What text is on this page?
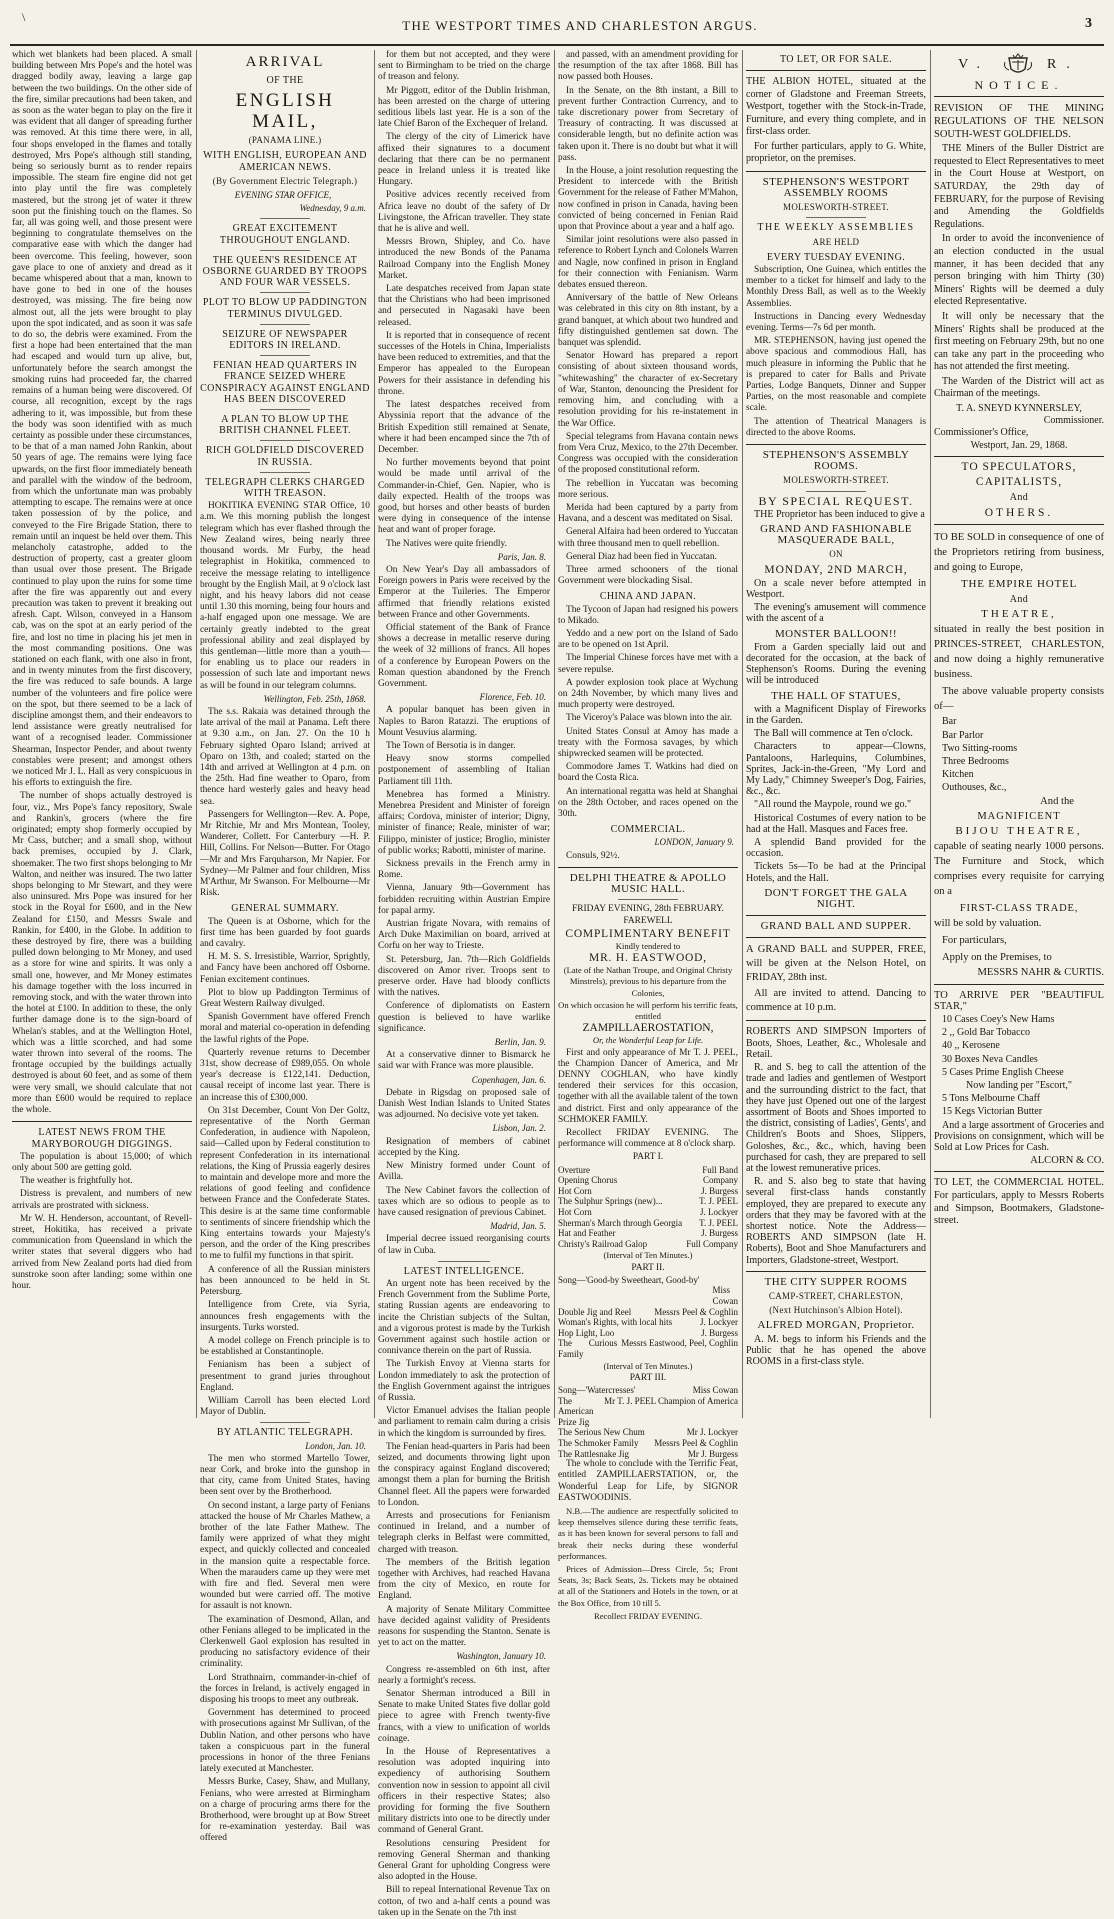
\
THE WESTPORT TIMES AND CHARLESTON ARGUS.	3

which wet blankets had been placed. A small building between Mrs Pope's and the hotel was dragged bodily away, leaving a large gap between the two buildings. On the other side of the fire, similar precautions had been taken, and as soon as the water began to play on the fire it was evident that all danger of spreading further was removed. At this time there were, in all, four shops enveloped in the flames and totally destroyed, Mrs Pope's although still standing, being so seriously burnt as to render repairs impossible. The steam fire engine did not get into play until the fire was completely mastered, but the strong jet of water it threw soon put the finishing touch on the flames. So far, all was going well, and those present were beginning to congratulate themselves on the comparative ease with which the danger had been overcome. This feeling, however, soon gave place to one of anxiety and dread as it became whispered about that a man, known to have gone to bed in one of the houses destroyed, was missing. The fire being now almost out, all the jets were brought to play upon the spot indicated, and as soon it was safe to do so, the debris were examined. From the first a hope had been entertained that the man had escaped and would turn up alive, but, unfortunately before the search amongst the smoking ruins had proceeded far, the charred remains of a human being were discovered. Of course, all recognition, except by the rags adhering to it, was impossible, but from these the body was soon identified with as much certainty as possible under these circumstances, to be that of a man named John Rankin, about 50 years of age. The remains were lying face upwards, on the first floor immediately beneath and parallel with the window of the bedroom, from which the unfortunate man was probably attempting to escape. The remains were at once taken possession of by the police, and conveyed to the Fire Brigade Station, there to remain until an inquest be held over them. This melancholy catastrophe, added to the destruction of property, cast a greater gloom than usual over those present. The Brigade continued to play upon the ruins for some time after the fire was apparently out and every precaution was taken to prevent it breaking out afresh. Capt. Wilson, conveyed in a Hansom cab, was on the spot at an early period of the fire, and lost no time in placing his jet men in the most commanding positions. One was stationed on each flank, with one also in front, and in twenty minutes from the first discovery, the fire was reduced to safe bounds. A large number of the volunteers and fire police were on the spot, but there seemed to be a lack of discipline amongst them, and their endeavors to lend assistance were greatly neutralised for want of a recognised leader. Commissioner Shearman, Inspector Pender, and about twenty constables were present; and amongst others we noticed Mr J. L. Hall as very conspicuous in his efforts to extinguish the fire.

The number of shops actually destroyed is four, viz., Mrs Pope's fancy repository, Swale and Rankin's, grocers (where the fire originated; empty shop formerly occupied by Mr Cass, butcher; and a small shop, without back premises, occupied by J. Clark, shoemaker. The two first shops belonging to Mr Walton, and neither was insured. The two latter shops belonging to Mr Stewart, and they were also uninsured. Mrs Pope was insured for her stock in the Royal for £600, and in the New Zealand for £150, and Messrs Swale and Rankin, for £400, in the Globe. In addition to these destroyed by fire, there was a building pulled down belonging to Mr Money, and used as a store for wine and spirits. It was only a small one, however, and Mr Money estimates his damage together with the loss incurred in removing stock, and with the water thrown into the hotel at £100. In addition to these, the only further damage done is to the sign-board of Whelan's stables, and at the Wellington Hotel, which was a little scorched, and had some water thrown into several of the rooms. The frontage occupied by the buildings actually destroyed is about 60 feet, and as some of them were very small, we should calculate that not more than £600 would be required to replace the whole.

LATEST NEWS FROM THE MARYBOROUGH DIGGINGS.

The population is about 15,000; of which only about 500 are getting gold.

The weather is frightfully hot.

Distress is prevalent, and numbers of new arrivals are prostrated with sickness.

Mr W. H. Henderson, accountant, of Revell-street, Hokitika, has received a private communication from Queensland in which the writer states that several diggers who had arrived from New Zealand ports had died from sunstroke soon after landing; some within one hour.

ARRIVAL
OF THE
ENGLISH MAIL,
(PANAMA LINE.)
WITH ENGLISH, EUROPEAN AND AMERICAN NEWS.
(By Government Electric Telegraph.)
EVENING STAR OFFICE,
Wednesday, 9 a.m.
GREAT EXCITEMENT THROUGHOUT ENGLAND.
THE QUEEN'S RESIDENCE AT OSBORNE GUARDED BY TROOPS AND FOUR WAR VESSELS.
PLOT TO BLOW UP PADDINGTON TERMINUS DIVULGED.
SEIZURE OF NEWSPAPER EDITORS IN IRELAND.
FENIAN HEAD QUARTERS IN FRANCE SEIZED WHERE CONSPIRACY AGAINST ENGLAND HAS BEEN DISCOVERED
A PLAN TO BLOW UP THE BRITISH CHANNEL FLEET.
RICH GOLDFIELD DISCOVERED IN RUSSIA.
TELEGRAPH CLERKS CHARGED WITH TREASON.

HOKITIKA EVENING STAR Office, 10 a.m. We this morning publish the longest telegram which has ever flashed through the New Zealand wires, being nearly three thousand words. Mr Furby, the head telegraphist in Hokitika, commenced to receive the message relating to intelligence brought by the English Mail, at 9 o'clock last night, and his heavy labors did not cease until 1.30 this morning, being four hours and a-half engaged upon one message. We are certainly greatly indebted to the great professional ability and zeal displayed by this gentleman—little more than a youth—for enabling us to place our readers in possession of such late and important news as will be found in our telegram columns.

Wellington, Feb. 25th, 1868.

The s.s. Rakaia was detained through the late arrival of the mail at Panama. Left there at 9.30 a.m., on Jan. 27. On the 10 h February sighted Oparo Island; arrived at Oparo on 13th, and coaled; started on the 14th and arrived at Wellington at 4 p.m. on the 25th. Had fine weather to Oparo, from thence hard westerly gales and heavy head sea.

Passengers for Wellington—Rev. A. Pope, Mr Ritchie, Mr and Mrs Montean, Tooley, Wanderer, Collett. For Canterbury —H. P. Hill, Collins. For Nelson—Butter. For Otago—Mr and Mrs Farquharson, Mr Napier. For Sydney—Mr Palmer and four children, Miss M'Arthur, Mr Swanson. For Melbourne—Mr Risk.

GENERAL SUMMARY.

The Queen is at Osborne, which for the first time has been guarded by foot guards and cavalry.

H. M. S. S. Irresistible, Warrior, Sprightly, and Fancy have been anchored off Osborne. Fenian excitement continues.

Plot to blow up Paddington Terminus of Great Western Railway divulged.

Spanish Government have offered French moral and material co-operation in defending the lawful rights of the Pope.

Quarterly revenue returns to December 31st, show decrease of £989,055. On whole year's decrease is £122,141. Deduction, causal receipt of income last year. There is an increase this of £300,000.

On 31st December, Count Von Der Goltz, representative of the North German Confederation, in audience with Napoleon, said—Called upon by Federal constitution to represent Confederation in its international relations, the King of Prussia eagerly desires to maintain and develope more and more the relations of good feeling and confidence between France and the Confederate States. This desire is at the same time conformable to sentiments of sincere friendship which the King entertains towards your Majesty's person, and the order of the King prescribes to me to fulfil my functions in that spirit.

A conference of all the Russian ministers has been announced to be held in St. Petersburg.

Intelligence from Crete, via Syria, announces fresh engagements with the insurgents. Turks worsted.

A model college on French principle is to be established at Constantinople.

Fenianism has been a subject of presentment to grand juries throughout England.

William Carroll has been elected Lord Mayor of Dublin.

BY ATLANTIC TELEGRAPH.
London, Jan. 10.

The men who stormed Martello Tower, near Cork, and broke into the gunshop in that city, came from United States, having been sent over by the Brotherhood.

On second instant, a large party of Fenians attacked the house of Mr Charles Mathew, a brother of the late Father Mathew. The family were apprized of what they might expect, and quickly collected and concealed in the mansion quite a respectable force. When the marauders came up they were met with fire and fled. Several men were wounded but were carried off. The motive for assault is not known.

The examination of Desmond, Allan, and other Fenians alleged to be implicated in the Clerkenwell Gaol explosion has resulted in producing no satisfactory evidence of their criminality.

Lord Strathnairn, commander-in-chief of the forces in Ireland, is actively engaged in disposing his troops to meet any outbreak.

Government has determined to proceed with prosecutions against Mr Sullivan, of the Dublin Nation, and other persons who have taken a conspicuous part in the funeral processions in honor of the three Fenians lately executed at Manchester.

Messrs Burke, Casey, Shaw, and Mullany, Fenians, who were arrested at Birmingham on a charge of procuring arms there for the Brotherhood, were brought up at Bow Street for re-examination yesterday. Bail was offered

for them but not accepted, and they were sent to Birmingham to be tried on the charge of treason and felony.

Mr Piggott, editor of the Dublin Irishman, has been arrested on the charge of uttering seditious libels last year. He is a son of the late Chief Baron of the Exchequer of Ireland.

The clergy of the city of Limerick have affixed their signatures to a document declaring that there can be no permanent peace in Ireland unless it is treated like Hungary.

Positive advices recently received from Africa leave no doubt of the safety of Dr Livingstone, the African traveller. They state that he is alive and well.

Messrs Brown, Shipley, and Co. have introduced the new Bonds of the Panama Railroad Company into the English Money Market.

Late despatches received from Japan state that the Christians who had been imprisoned and persecuted in Nagasaki have been released.

It is reported that in consequence of recent successes of the Hotels in China, Imperialists have been reduced to extremities, and that the Emperor has appealed to the European Powers for their assistance in defending his throne.

The latest despatches received from Abyssinia report that the advance of the British Expedition still remained at Senate, where it had been encamped since the 7th of December.

No further movements beyond that point would be made until arrival of the Commander-in-Chief, Gen. Napier, who is daily expected. Health of the troops was good, but horses and other beasts of burden were dying in consequence of the intense heat and want of proper forage.

The Natives were quite friendly.

Paris, Jan. 8.

On New Year's Day all ambassadors of Foreign powers in Paris were received by the Emperor at the Tuileries. The Emperor affirmed that friendly relations existed between France and other Governments.

Official statement of the Bank of France shows a decrease in metallic reserve during the week of 32 millions of francs. All hopes of a conference by European Powers on the Roman question abandoned by the French Government.

Florence, Feb. 10.

A popular banquet has been given in Naples to Baron Ratazzi. The eruptions of Mount Vesuvius alarming.

The Town of Bersotia is in danger.

Heavy snow storms compelled postponement of assembling of Italian Parliament till 11th.

Menebrea has formed a Ministry. Menebrea President and Minister of foreign affairs; Cordova, minister of interior; Digny, minister of finance; Reale, minister of war; Filippo, minister of justice; Broglio, minister of public works; Rabotti, minister of marine.

Sickness prevails in the French army in Rome.

Vienna, January 9th—Government has forbidden recruiting within Austrian Empire for papal army.

Austrian frigate Novara, with remains of Arch Duke Maximilian on board, arrived at Corfu on her way to Trieste.

St. Petersburg, Jan. 7th—Rich Goldfields discovered on Amor river. Troops sent to preserve order. Have had bloody conflicts with the natives.

Conference of diplomatists on Eastern question is believed to have warlike significance.

Berlin, Jan. 9.

At a conservative dinner to Bismarck he said war with France was more plausible.

Copenhagen, Jan. 6.

Debate in Rigsdag on proposed sale of Danish West Indian Islands to United States was adjourned. No decisive vote yet taken.

Lisbon, Jan. 2.

Resignation of members of cabinet accepted by the King.

New Ministry formed under Count of Avilla.

The New Cabinet favors the collection of taxes which are so odious to people as to have caused resignation of previous Cabinet.

Madrid, Jan. 5.

Imperial decree issued reorganising courts of law in Cuba.

LATEST INTELLIGENCE.

An urgent note has been received by the French Government from the Sublime Porte, stating Russian agents are endeavoring to incite the Christian subjects of the Sultan, and a vigorous protest is made by the Turkish Government against such hostile action or connivance therein on the part of Russia.

The Turkish Envoy at Vienna starts for London immediately to ask the protection of the English Government against the intrigues of Russia.

Victor Emanuel advises the Italian people and parliament to remain calm during a crisis in which the kingdom is surrounded by fires.

The Fenian head-quarters in Paris had been seized, and documents throwing light upon the conspiracy against England discovered; amongst them a plan for burning the British Channel fleet. All the papers were forwarded to London.

Arrests and prosecutions for Fenianism continued in Ireland, and a number of telegraph clerks in Belfast were committed, charged with treason.

The members of the British legation together with Archives, had reached Havana from the city of Mexico, en route for England.

A majority of Senate Military Committee have decided against validity of Presidents reasons for suspending the Stanton. Senate is yet to act on the matter.

Washington, January 10.

Congress re-assembled on 6th inst, after nearly a fortnight's recess.

Senator Sherman introduced a Bill in Senate to make United States five dollar gold piece to agree with French twenty-five francs, with a view to unification of worlds coinage.

In the House of Representatives a resolution was adopted inquiring into expediency of authorising Southern convention now in session to appoint all civil officers in their respective States; also providing for forming the five Southern military districts into one to be directly under command of General Grant.

Resolutions censuring President for removing General Sherman and thanking General Grant for upholding Congress were also adopted in the House.

Bill to repeal International Revenue Tax on cotton, of two and a-half cents a pound was taken up in the Senate on the 7th inst

and passed, with an amendment providing for the resumption of the tax after 1868. Bill has now passed both Houses.

In the Senate, on the 8th instant, a Bill to prevent further Contraction Currency, and to take discretionary power from Secretary of Treasury of contracting. It was discussed at considerable length, but no definite action was taken upon it. There is no doubt but what it will pass.

In the House, a joint resolution requesting the President to intercede with the British Government for the release of Father M'Mahon, now confined in prison in Canada, having been convicted of being concerned in Fenian Raid upon that Province about a year and a half ago.

Similar joint resolutions were also passed in reference to Robert Lynch and Colonels Warren and Nagle, now confined in prison in England for their connection with Fenianism. Warm debates ensued thereon.

Anniversary of the battle of New Orleans was celebrated in this city on 8th instant, by a grand banquet, at which about two hundred and fifty distinguished gentlemen sat down. The banquet was splendid.

Senator Howard has prepared a report consisting of about sixteen thousand words, "whitewashing" the character of ex-Secretary of War, Stanton, denouncing the President for removing him, and concluding with a resolution providing for his re-instatement in the War Office.

Special telegrams from Havana contain news from Vera Cruz, Mexico, to the 27th December. Congress was occupied with the consideration of the proposed constitutional reform.

The rebellion in Yuccatan was becoming more serious.

Merida had been captured by a party from Havana, and a descent was meditated on Sisal.

General Alfaira had been ordered to Yuccatan with three thousand men to quell rebellion.

General Diaz had been fied in Yuccatan.

Three armed schooners of the tional Government were blockading Sisal.

CHINA AND JAPAN.

The Tycoon of Japan had resigned his powers to Mikado.

Yeddo and a new port on the Island of Sado are to be opened on 1st April.

The Imperial Chinese forces have met with a severe repulse.

A powder explosion took place at Wychung on 24th November, by which many lives and much property were destroyed.

The Viceroy's Palace was blown into the air.

United States Consul at Amoy has made a treaty with the Formosa savages, by which shipwrecked seamen will be protected.

Commodore James T. Watkins had died on board the Costa Rica.

An international regatta was held at Shanghai on the 28th October, and races opened on the 30th.

COMMERCIAL.
LONDON, January 9.

Consuls, 92½.

DELPHI THEATRE & APOLLO MUSIC HALL.
FRIDAY EVENING, 28th FEBRUARY.
FAREWELL
COMPLIMENTARY BENEFIT
Kindly tendered to
MR. H. EASTWOOD,
(Late of the Nathan Troupe, and Original Christy Minstrels), previous to his departure from the Colonies,
On which occasion he will perform his terrific feats, entitled
ZAMPILLAEROSTATION,
Or, the Wonderful Leap for Life.

First and only appearance of Mr T. J. PEEL, the Champion Dancer of America, and Mr DENNY COGHLAN, who have kindly tendered their services for this occasion, together with all the available talent of the town and district. First and only appearance of the SCHMOKER FAMILY.

Recollect FRIDAY EVENING. The performance will commence at 8 o'clock sharp.

PART I.
Overture	Full Band
Opening Chorus	Company
Hot Corn	J. Burgess
The Sulphur Springs (new)...	T. J. PEEL
Hot Corn	J. Lockyer
Sherman's March through Georgia	T. J. PEEL
Hat and Feather	J. Burgess
Christy's Railroad Galop	Full Company
(Interval of Ten Minutes.)
PART II.
Song—'Good-by Sweetheart, Good-by'
Miss Cowan
Double Jig and Reel	Messrs Peel & Coghlin
Woman's Rights, with local hits	J. Lockyer
Hop Light, Loo	J. Burgess
The Curious Family
Messrs Eastwood, Peel, Coghlin
(Interval of Ten Minutes.)
PART III.
Song—'Watercresses'	Miss Cowan
The American Prize Jig
Mr T. J. PEEL Champion of America
The Serious New Chum	Mr J. Lockyer
The Schmoker Family	Messrs Peel & Coghlin
The Rattlesnake Jig	Mr J. Burgess

The whole to conclude with the Terrific Feat, entitled ZAMPILLAERSTATION, or, the Wonderful Leap for Life, by SIGNOR EASTWOODINIS.

N.B.—The audience are respectfully solicited to keep themselves silence during these terrific feats, as it has been known for several persons to fall and break their necks during these wonderful performances.

Prices of Admission—Dress Circle, 5s; Front Seats, 3s; Back Seats, 2s. Tickets may be obtained at all of the Stationers and Hotels in the town, or at the Box Office, from 10 till 5.

Recollect FRIDAY EVENING.
TO LET, OR FOR SALE.

THE ALBION HOTEL, situated at the corner of Gladstone and Freeman Streets, Westport, together with the Stock-in-Trade, Furniture, and every thing complete, and in first-class order.

For further particulars, apply to G. White, proprietor, on the premises.

STEPHENSON'S WESTPORT ASSEMBLY ROOMS
MOLESWORTH-STREET.
THE WEEKLY ASSEMBLIES
ARE HELD
EVERY TUESDAY EVENING.

Subscription, One Guinea, which entitles the member to a ticket for himself and lady to the Monthly Dress Ball, as well as to the Weekly Assemblies.

Instructions in Dancing every Wednesday evening. Terms—7s 6d per month.

MR. STEPHENSON, having just opened the above spacious and commodious Hall, has much pleasure in informing the Public that he is prepared to cater for Balls and Private Parties, Lodge Banquets, Dinner and Supper Parties, on the most reasonable and complete scale.

The attention of Theatrical Managers is directed to the above Rooms.

STEPHENSON'S ASSEMBLY ROOMS.
MOLESWORTH-STREET.
BY SPECIAL REQUEST.

THE Proprietor has been induced to give a

GRAND AND FASHIONABLE MASQUERADE BALL,
ON
MONDAY, 2ND MARCH,

On a scale never before attempted in Westport.

The evening's amusement will commence with the ascent of a

MONSTER BALLOON!!

From a Garden specially laid out and decorated for the occasion, at the back of Stephenson's Rooms. During the evening will be introduced

THE HALL OF STATUES,

with a Magnificent Display of Fireworks in the Garden.

The Ball will commence at Ten o'clock.

Characters to appear—Clowns, Pantaloons, Harlequins, Columbines, Sprites, Jack-in-the-Green, "My Lord and My Lady," Chimney Sweeper's Dog, Fairies, &c., &c.

"All round the Maypole, round we go."

Historical Costumes of every nation to be had at the Hall. Masques and Faces free.

A splendid Band provided for the occasion.

Tickets 5s—To be had at the Principal Hotels, and the Hall.

DON'T FORGET THE GALA NIGHT.
GRAND BALL AND SUPPER.

A GRAND BALL and SUPPER, FREE, will be given at the Nelson Hotel, on FRIDAY, 28th inst.

All are invited to attend. Dancing to commence at 10 p.m.

ROBERTS AND SIMPSON Importers of Boots, Shoes, Leather, &c., Wholesale and Retail.

R. and S. beg to call the attention of the trade and ladies and gentlemen of Westport and the surrounding district to the fact, that they have just Opened out one of the largest assortment of Boots and Shoes imported to the district, consisting of Ladies', Gents', and Children's Boots and Shoes, Slippers, Goloshes, &c., &c., which, having been purchased for cash, they are prepared to sell at the lowest remunerative prices.

R. and S. also beg to state that having several first-class hands constantly employed, they are prepared to execute any orders that they may be favored with at the shortest notice. Note the Address—ROBERTS AND SIMPSON (late H. Roberts), Boot and Shoe Manufacturers and Importers, Gladstone-street, Westport.

THE CITY SUPPER ROOMS
CAMP-STREET, CHARLESTON,
(Next Hutchinson's Albion Hotel).
ALFRED MORGAN, Proprietor.

A. M. begs to inform his Friends and the Public that he has opened the above ROOMS in a first-class style.

V.	R.
NOTICE.

REVISION OF THE MINING REGULATIONS OF THE NELSON SOUTH-WEST GOLDFIELDS.

THE Miners of the Buller District are requested to Elect Representatives to meet in the Court House at Westport, on SATURDAY, the 29th day of FEBRUARY, for the purpose of Revising and Amending the Goldfields Regulations.

In order to avoid the inconvenience of an election conducted in the usual manner, it has been decided that any person bringing with him Thirty (30) Miners' Rights will be deemed a duly elected Representative.

It will only be necessary that the Miners' Rights shall be produced at the first meeting on February 29th, but no one can take any part in the proceeding who has not attended the first meeting.

The Warden of the District will act as Chairman of the meetings.

T. A. SNEYD KYNNERSLEY,
Commissioner.
Commissioner's Office,
Westport, Jan. 29, 1868.
TO SPECULATORS,
CAPITALISTS,
And
OTHERS.

TO BE SOLD in consequence of one of the Proprietors retiring from business, and going to Europe,

THE EMPIRE HOTEL
And
THEATRE,

situated in really the best position in PRINCES-STREET, CHARLESTON, and now doing a highly remunerative business.

The above valuable property consists of—

Bar
Bar Parlor
Two Sitting-rooms
Three Bedrooms
Kitchen
Outhouses, &c.,
And the
MAGNIFICENT
BIJOU THEATRE,

capable of seating nearly 1000 persons. The Furniture and Stock, which comprises every requisite for carrying on a

FIRST-CLASS TRADE,

will be sold by valuation.

For particulars,

Apply on the Premises, to

MESSRS NAHR & CURTIS.

TO ARRIVE PER "BEAUTIFUL STAR,"

10 Cases Coey's New Hams
2 ,, Gold Bar Tobacco
40 ,, Kerosene
30 Boxes Neva Candles
5 Cases Prime English Cheese
Now landing per "Escort,"
5 Tons Melbourne Chaff
15 Kegs Victorian Butter

And a large assortment of Groceries and Provisions on consignment, which will be Sold at Low Prices for Cash.

ALCORN & CO.

TO LET, the COMMERCIAL HOTEL. For particulars, apply to Messrs Roberts and Simpson, Bootmakers, Gladstone-street.
